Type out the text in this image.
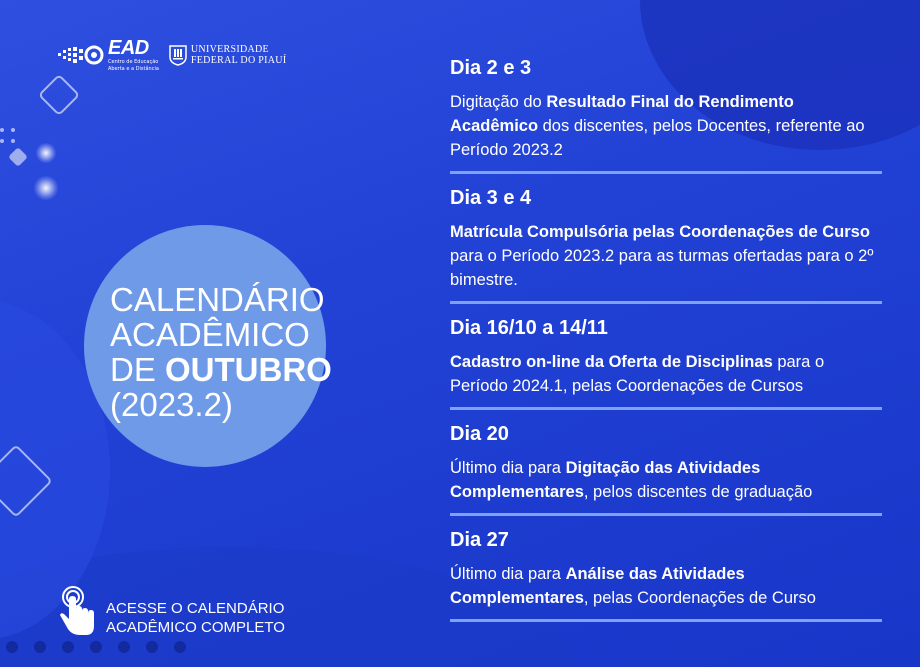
EAD
Centro de Educação
Aberta e a Distância
UNIVERSIDADE
FEDERAL DO PIAUÍ
CALENDÁRIO
ACADÊMICO
DE OUTUBRO
(2023.2)
ACESSE O CALENDÁRIO
ACADÊMICO COMPLETO
Dia 2 e 3

Digitação do Resultado Final do Rendimento Acadêmico dos discentes, pelos Docentes, referente ao Período 2023.2

Dia 3 e 4

Matrícula Compulsória pelas Coordenações de Curso para o Período 2023.2 para as turmas ofertadas para o 2º bimestre.

Dia 16/10 a 14/11

Cadastro on-line da Oferta de Disciplinas para o Período 2024.1, pelas Coordenações de Cursos

Dia 20

Último dia para Digitação das Atividades Complementares, pelos discentes de graduação

Dia 27

Último dia para Análise das Atividades Complementares, pelas Coordenações de Curso
